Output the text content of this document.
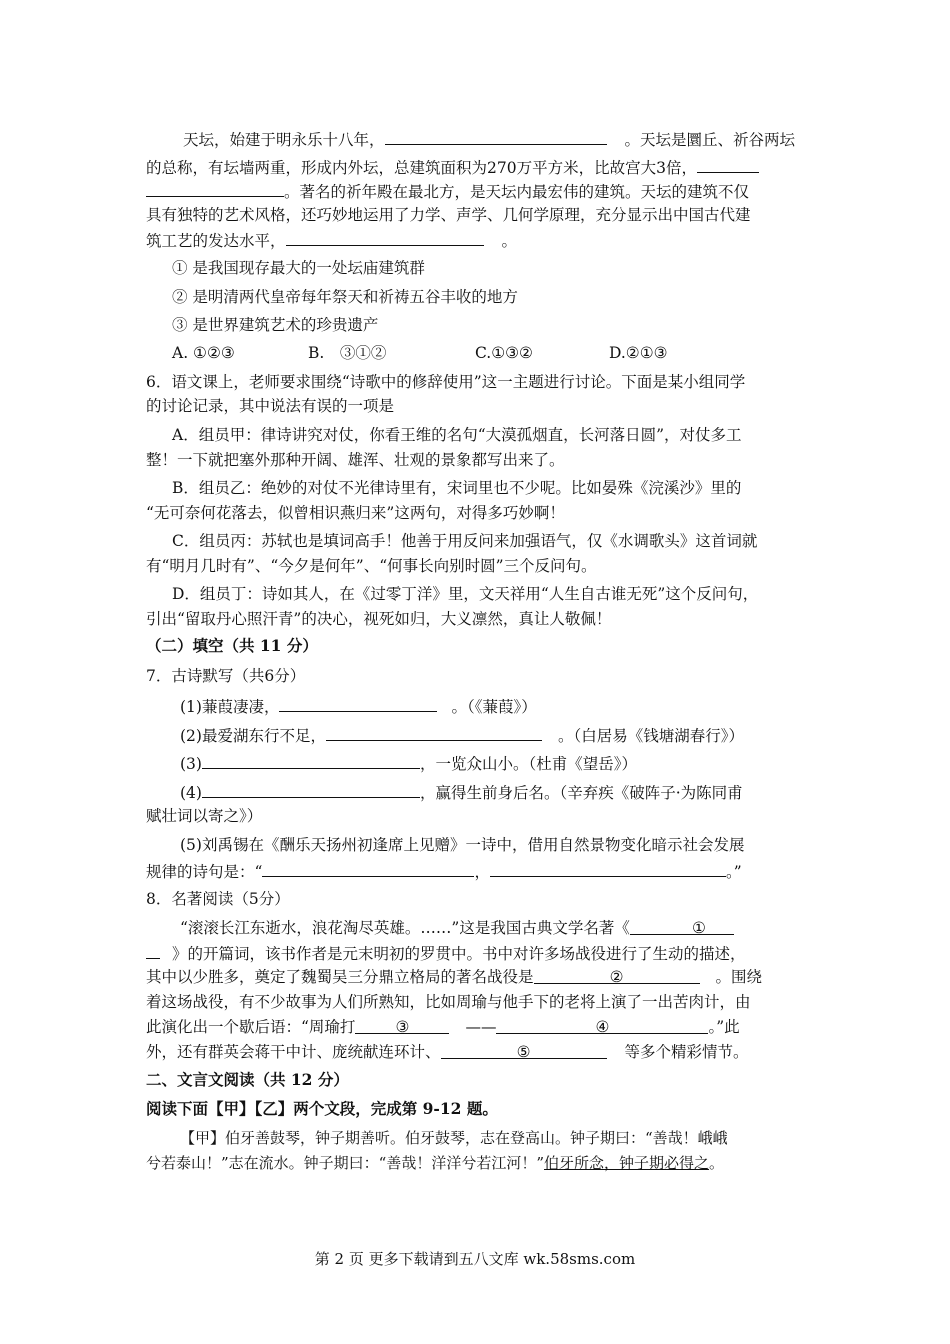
天坛，始建于明永乐十八年，	。天坛是圜丘、祈谷两坛
的总称，有坛墙两重，形成内外坛，总建筑面积为270万平方米，比故宫大3倍，
。著名的祈年殿在最北方，是天坛内最宏伟的建筑。天坛的建筑不仅
具有独特的艺术风格，还巧妙地运用了力学、声学、几何学原理，充分显示出中国古代建
筑工艺的发达水平，	。
① 是我国现存最大的一处坛庙建筑群
② 是明清两代皇帝每年祭天和祈祷五谷丰收的地方
③ 是世界建筑艺术的珍贵遗产
A. ①②③	B.　③①②	C.①③②	D.②①③
6．语文课上，老师要求围绕“诗歌中的修辞使用”这一主题进行讨论。下面是某小组同学
的讨论记录，其中说法有误的一项是
A．组员甲：律诗讲究对仗，你看王维的名句“大漠孤烟直，长河落日圆”，对仗多工
整！一下就把塞外那种开阔、雄浑、壮观的景象都写出来了。
B．组员乙：绝妙的对仗不光律诗里有，宋词里也不少呢。比如晏殊《浣溪沙》里的
“无可奈何花落去，似曾相识燕归来”这两句，对得多巧妙啊！
C．组员丙：苏轼也是填词高手！他善于用反问来加强语气，仅《水调歌头》这首词就
有“明月几时有”、“今夕是何年”、“何事长向别时圆”三个反问句。
D．组员丁：诗如其人，在《过零丁洋》里，文天祥用“人生自古谁无死”这个反问句，
引出“留取丹心照汗青”的决心，视死如归，大义凛然，真让人敬佩！
（二）填空（共 11 分）
7．古诗默写（共6分）
(1)蒹葭凄凄，	。（《蒹葭》）
(2)最爱湖东行不足，	。（白居易《钱塘湖春行》）
(3)	，一览众山小。（杜甫《望岳》）
(4)	，赢得生前身后名。（辛弃疾《破阵子·为陈同甫
赋壮词以寄之》）
(5)刘禹锡在《酬乐天扬州初逢席上见赠》一诗中，借用自然景物变化暗示社会发展
规律的诗句是：“	，	。”
8．名著阅读（5分）
“滚滚长江东逝水，浪花淘尽英雄。……”这是我国古典文学名著《	①
》的开篇词，该书作者是元末明初的罗贯中。书中对许多场战役进行了生动的描述，
其中以少胜多，奠定了魏蜀吴三分鼎立格局的著名战役是	②	。围绕
着这场战役，有不少故事为人们所熟知，比如周瑜与他手下的老将上演了一出苦肉计，由
此演化出一个歇后语：“周瑜打	③	——	④	。”此
外，还有群英会蒋干中计、庞统献连环计、	⑤	等多个精彩情节。
二、文言文阅读（共 12 分）
阅读下面【甲】【乙】两个文段，完成第 9-12 题。
【甲】伯牙善鼓琴，钟子期善听。伯牙鼓琴，志在登高山。钟子期曰：“善哉！峨峨
兮若泰山！”志在流水。钟子期曰：“善哉！洋洋兮若江河！”伯牙所念，钟子期必得之。
第 2 页 更多下载请到五八文库 wk.58sms.com
